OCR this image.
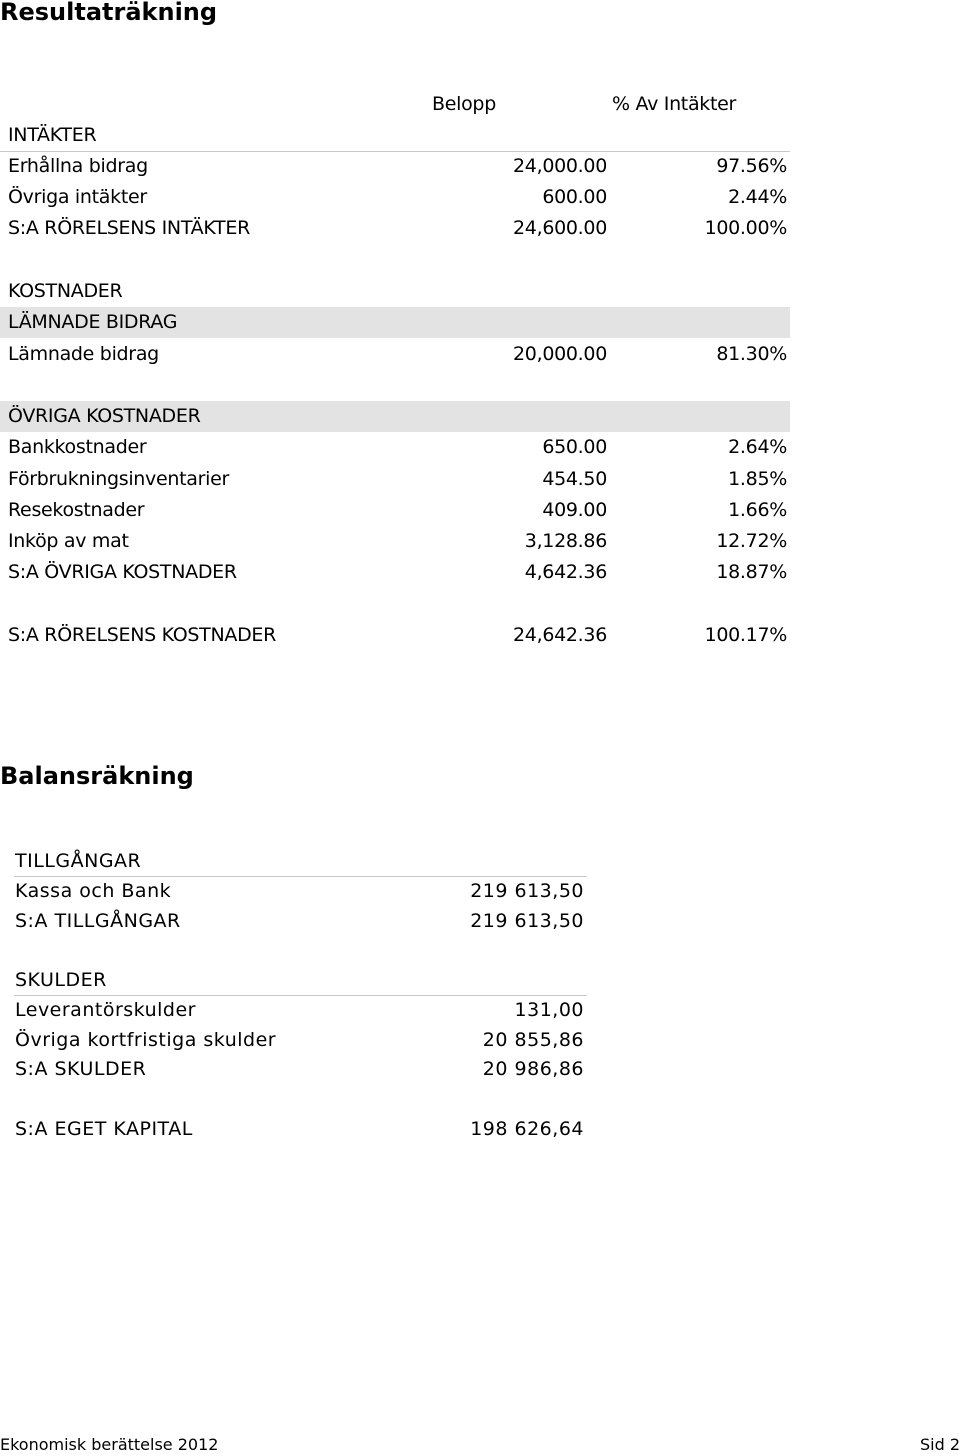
Resultaträkning
Belopp	% Av Intäkter
INTÄKTER
Erhållna bidrag	24,000.00	97.56%
Övriga intäkter	600.00	2.44%
S:A RÖRELSENS INTÄKTER	24,600.00	100.00%
KOSTNADER
LÄMNADE BIDRAG
Lämnade bidrag	20,000.00	81.30%
ÖVRIGA KOSTNADER
Bankkostnader	650.00	2.64%
Förbrukningsinventarier	454.50	1.85%
Resekostnader	409.00	1.66%
Inköp av mat	3,128.86	12.72%
S:A ÖVRIGA KOSTNADER	4,642.36	18.87%
S:A RÖRELSENS KOSTNADER	24,642.36	100.17%
Balansräkning
TILLGÅNGAR
Kassa och Bank	219 613,50
S:A TILLGÅNGAR	219 613,50
SKULDER
Leverantörskulder	131,00
Övriga kortfristiga skulder	20 855,86
S:A SKULDER	20 986,86
S:A EGET KAPITAL	198 626,64
Ekonomisk berättelse 2012	Sid 2
